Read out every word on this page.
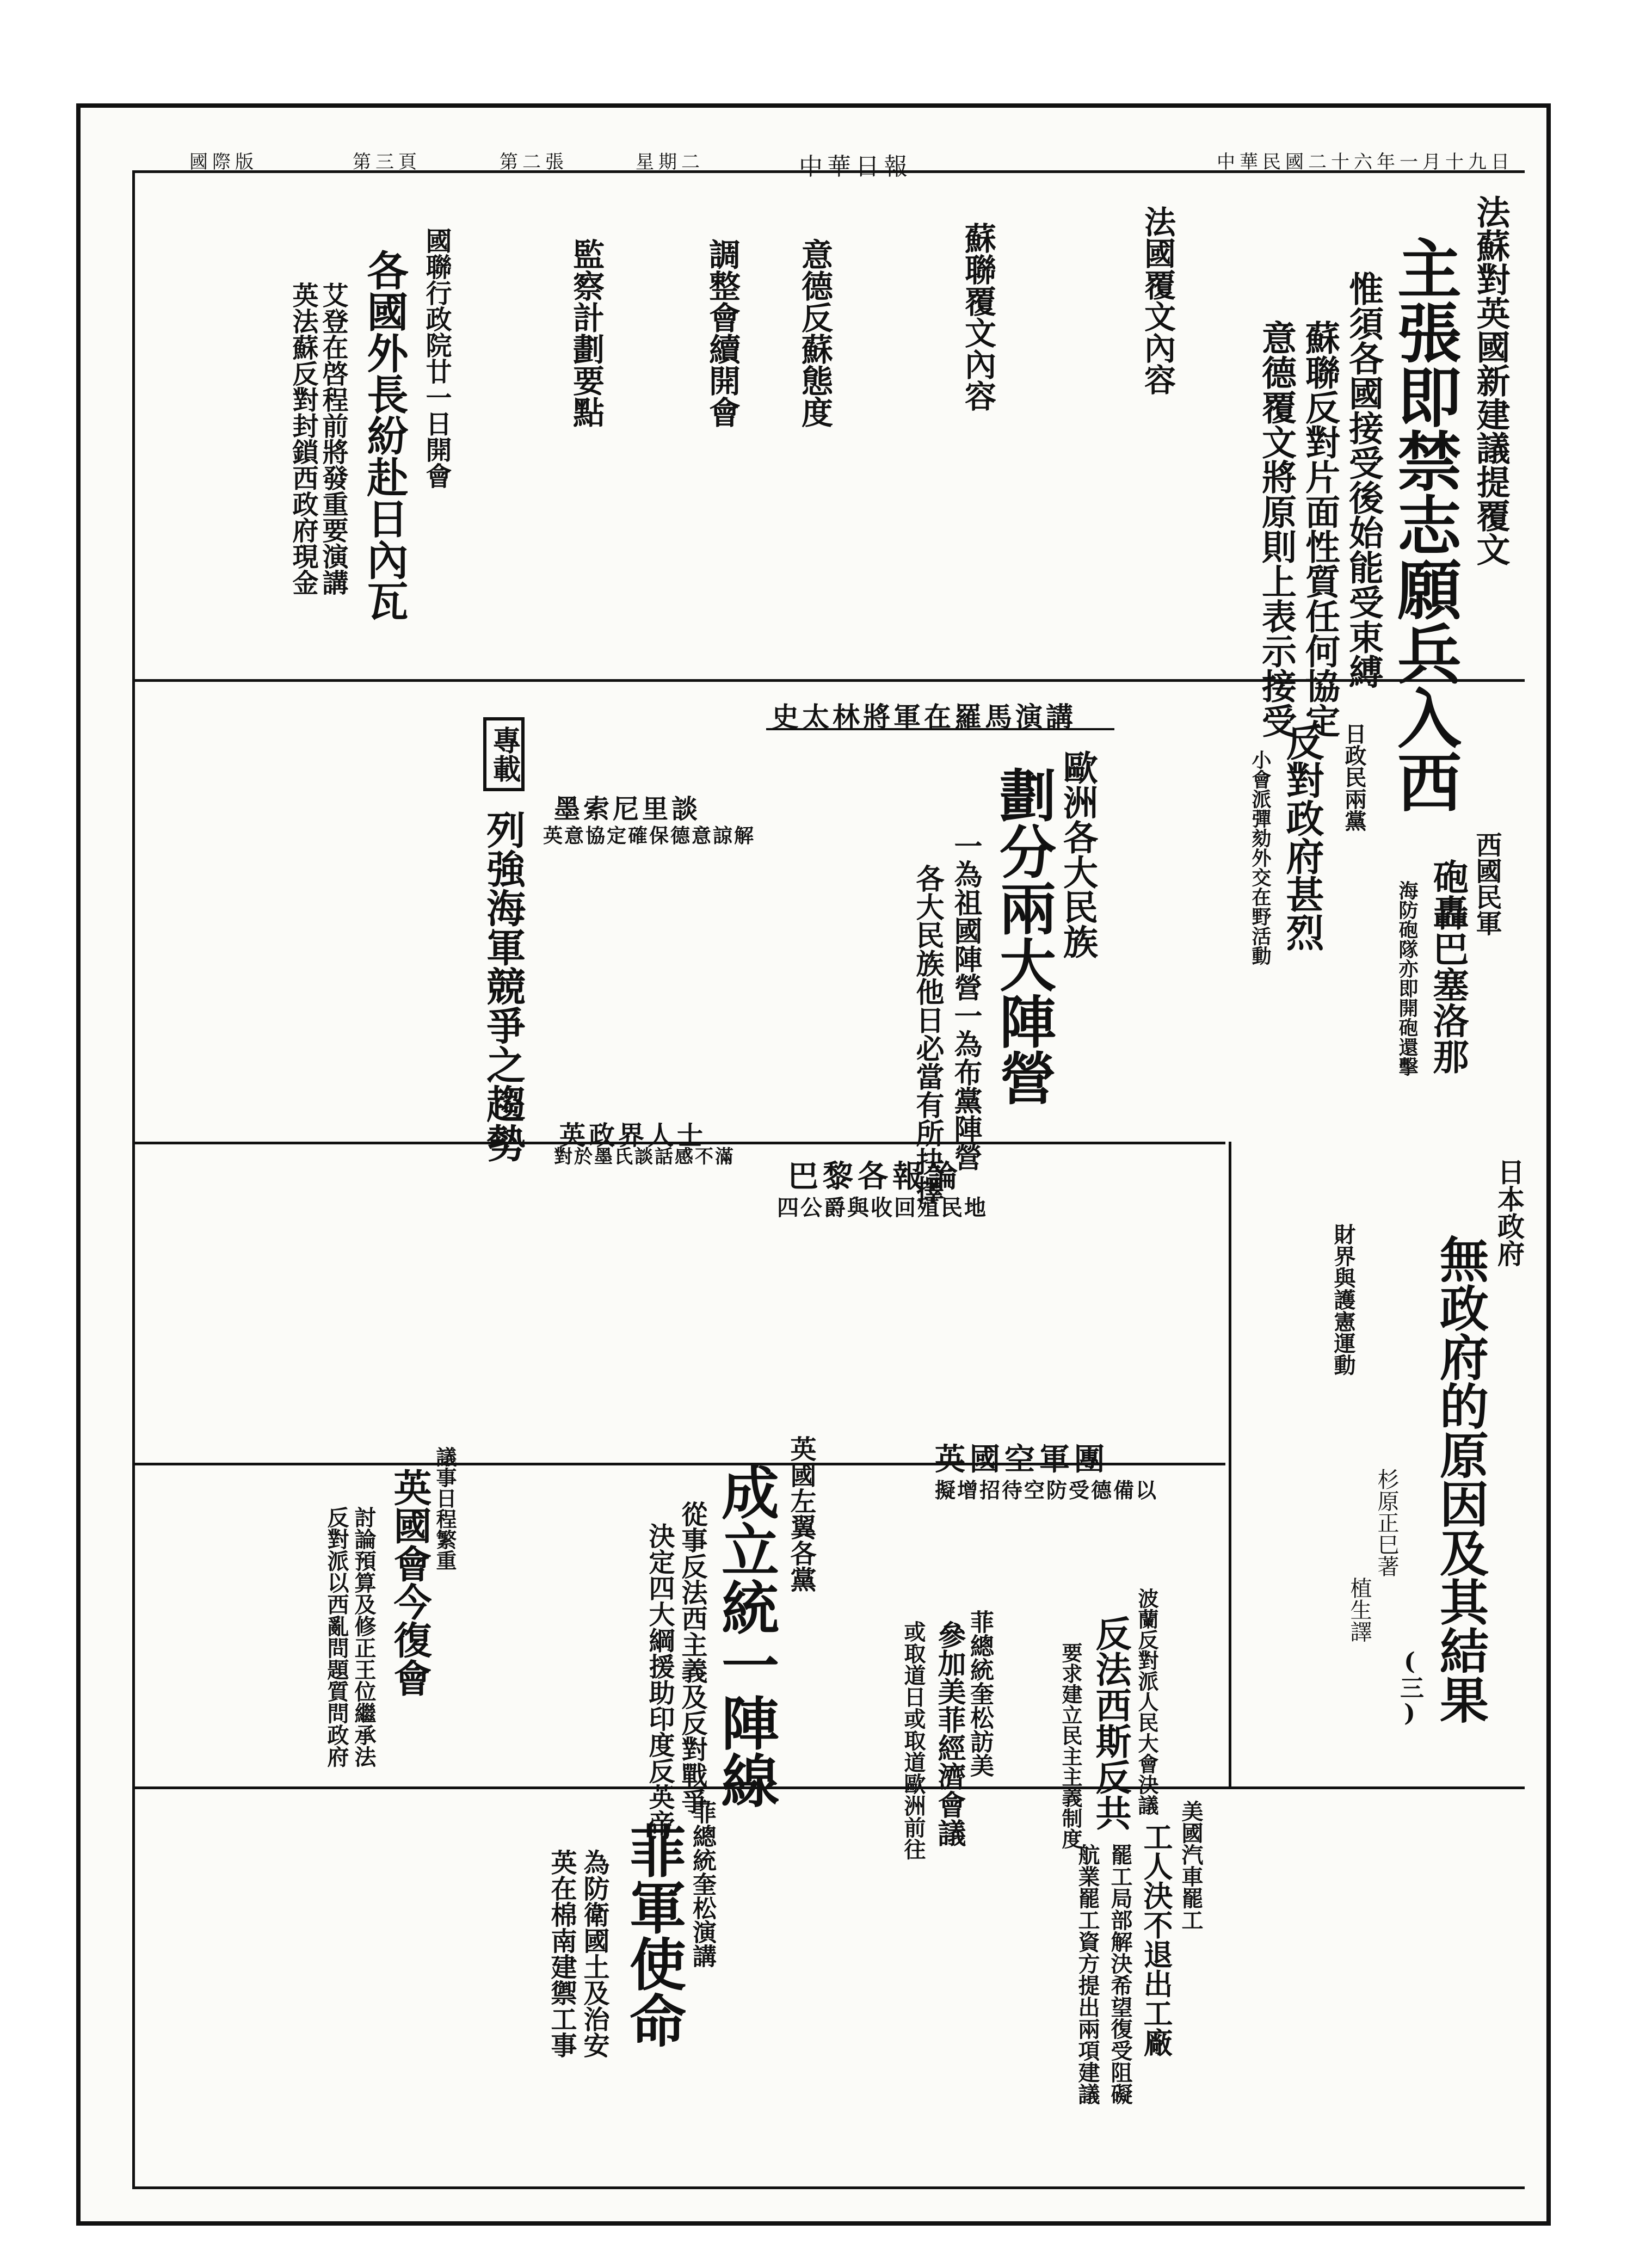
中華民國二十六年一月十九日
中華日報
星期二
第二張
第三頁
國際版
法蘇對英國新建議提覆文
主張即禁志願兵入西
惟須各國接受後始能受束縛
蘇聯反對片面性質任何協定
意德覆文將原則上表示接受
法國覆文內容
蘇聯覆文內容
意德反蘇態度
調整會續開會
監察計劃要點
國聯行政院廿一日開會
各國外長紛赴日內瓦
艾登在啓程前將發重要演講
英法蘇反對封鎖西政府現金
西國民軍
砲轟巴塞洛那
海防砲隊亦即開砲還擊
日政民兩黨
反對政府甚烈
小會派彈劾外交在野活動
史太林將軍在羅馬演講
歐洲各大民族
劃分兩大陣營
一為祖國陣營一為布黨陣營
各大民族他日必當有所抉擇
墨索尼里談
英意協定確保德意諒解
英政界人士
對於墨氏談話感不滿
專載
列強海軍競爭之趨勢
日本政府
無政府的原因及其結果
(三)
杉原正巳著
植生譯
財界與護憲運動
巴黎各報論
四公爵與收回殖民地
英國空軍團
擬增招待空防受德備以
英國左翼各黨
成立統一陣線
從事反法西主義及反對戰爭
決定四大綱援助印度反英帝
議事日程繁重
英國會今復會
討論預算及修正王位繼承法
反對派以西亂問題質問政府	波蘭反對派人民大會決議
反法西斯反共
要求建立民主主義制度
菲總統奎松訪美
參加美菲經濟會議
或取道日或取道歐洲前往
美國汽車罷工
工人決不退出工廠
罷工局部解決希望復受阻礙
航業罷工資方提出兩項建議
菲總統奎松演講
菲軍使命
為防衛國土及治安
英在棉南建禦工事
